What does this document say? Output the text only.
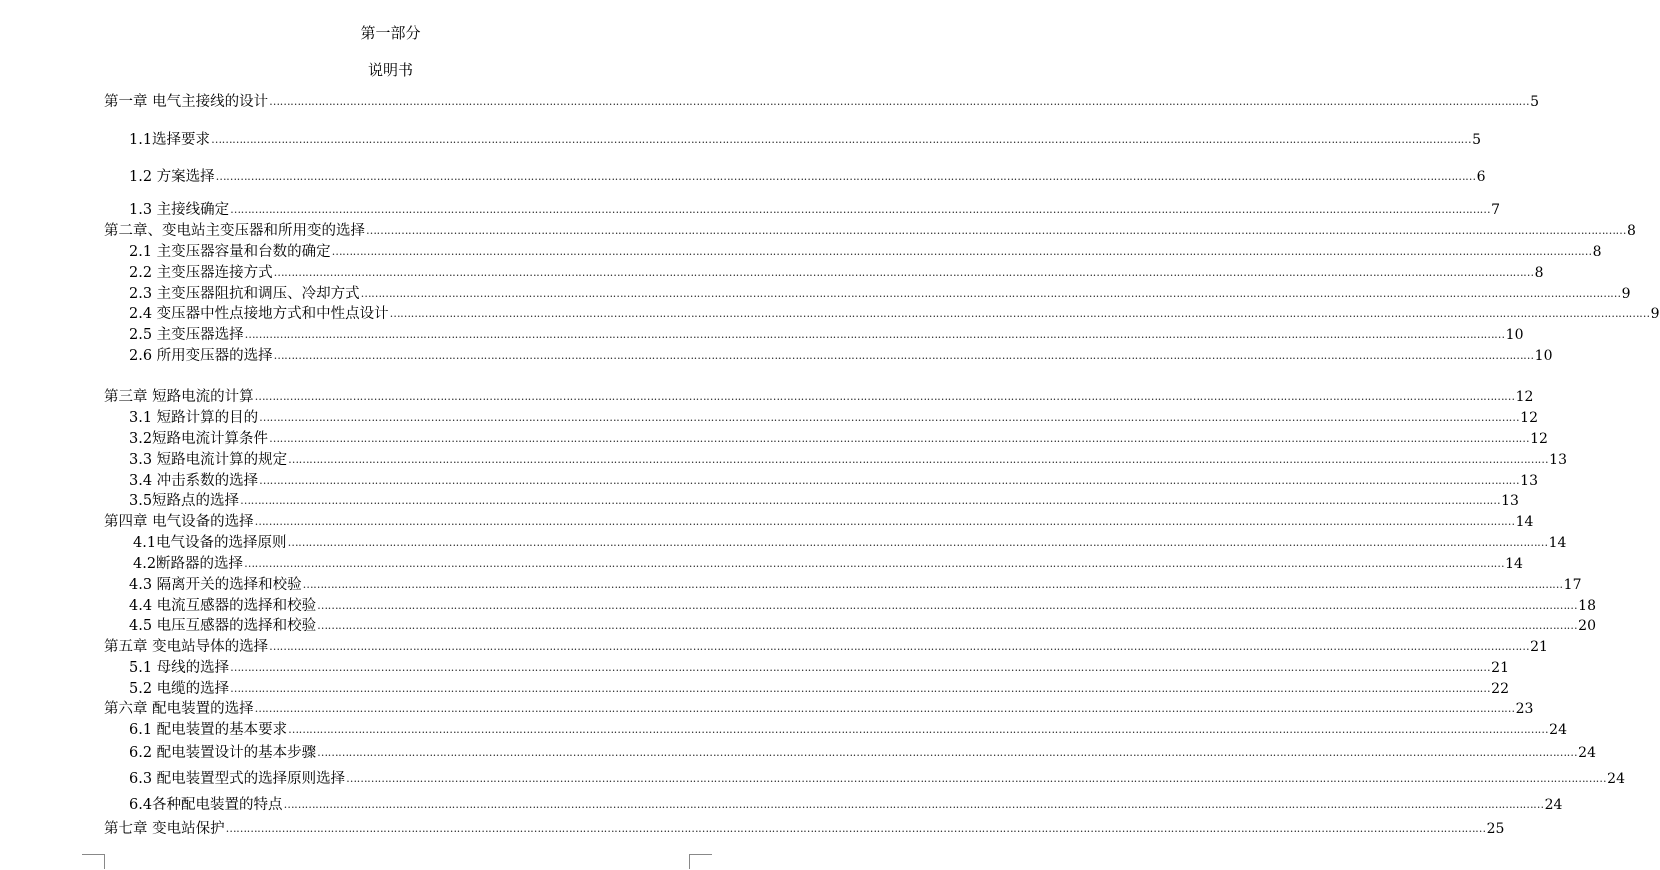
第一部分
说明书
第一章 电气主接线的设计 ……………………………………………………………………………………………………………………………………………………………………………………………………………………………………………………………………………………………………………………………… 5
1.1选择要求 ……………………………………………………………………………………………………………………………………………………………………………………………………………………………………………………………………………………………………………………………… 5
1.2 方案选择 ……………………………………………………………………………………………………………………………………………………………………………………………………………………………………………………………………………………………………………………………… 6
1.3 主接线确定 ……………………………………………………………………………………………………………………………………………………………………………………………………………………………………………………………………………………………………………………………… 7
第二章、变电站主变压器和所用变的选择 ……………………………………………………………………………………………………………………………………………………………………………………………………………………………………………………………………………………………………………………………… 8
2.1 主变压器容量和台数的确定 ……………………………………………………………………………………………………………………………………………………………………………………………………………………………………………………………………………………………………………………………… 8
2.2 主变压器连接方式 ……………………………………………………………………………………………………………………………………………………………………………………………………………………………………………………………………………………………………………………………… 8
2.3 主变压器阻抗和调压、冷却方式 ……………………………………………………………………………………………………………………………………………………………………………………………………………………………………………………………………………………………………………………………… 9
2.4 变压器中性点接地方式和中性点设计 ……………………………………………………………………………………………………………………………………………………………………………………………………………………………………………………………………………………………………………………………… 9
2.5 主变压器选择 ……………………………………………………………………………………………………………………………………………………………………………………………………………………………………………………………………………………………………………………………… 10
2.6 所用变压器的选择 ……………………………………………………………………………………………………………………………………………………………………………………………………………………………………………………………………………………………………………………………… 10
第三章 短路电流的计算 ……………………………………………………………………………………………………………………………………………………………………………………………………………………………………………………………………………………………………………………………… 12
3.1 短路计算的目的 ……………………………………………………………………………………………………………………………………………………………………………………………………………………………………………………………………………………………………………………………… 12
3.2短路电流计算条件 ……………………………………………………………………………………………………………………………………………………………………………………………………………………………………………………………………………………………………………………………… 12
3.3 短路电流计算的规定 ……………………………………………………………………………………………………………………………………………………………………………………………………………………………………………………………………………………………………………………………… 13
3.4 冲击系数的选择 ……………………………………………………………………………………………………………………………………………………………………………………………………………………………………………………………………………………………………………………………… 13
3.5短路点的选择 ……………………………………………………………………………………………………………………………………………………………………………………………………………………………………………………………………………………………………………………………… 13
第四章 电气设备的选择 ……………………………………………………………………………………………………………………………………………………………………………………………………………………………………………………………………………………………………………………………… 14
4.1电气设备的选择原则 ……………………………………………………………………………………………………………………………………………………………………………………………………………………………………………………………………………………………………………………………… 14
4.2断路器的选择 ……………………………………………………………………………………………………………………………………………………………………………………………………………………………………………………………………………………………………………………………… 14
4.3 隔离开关的选择和校验 ……………………………………………………………………………………………………………………………………………………………………………………………………………………………………………………………………………………………………………………………… 17
4.4 电流互感器的选择和校验 ……………………………………………………………………………………………………………………………………………………………………………………………………………………………………………………………………………………………………………………………… 18
4.5 电压互感器的选择和校验 ……………………………………………………………………………………………………………………………………………………………………………………………………………………………………………………………………………………………………………………………… 20
第五章 变电站导体的选择 ……………………………………………………………………………………………………………………………………………………………………………………………………………………………………………………………………………………………………………………………… 21
5.1 母线的选择 ……………………………………………………………………………………………………………………………………………………………………………………………………………………………………………………………………………………………………………………………… 21
5.2 电缆的选择 ……………………………………………………………………………………………………………………………………………………………………………………………………………………………………………………………………………………………………………………………… 22
第六章 配电装置的选择 ……………………………………………………………………………………………………………………………………………………………………………………………………………………………………………………………………………………………………………………………… 23
6.1 配电装置的基本要求 ……………………………………………………………………………………………………………………………………………………………………………………………………………………………………………………………………………………………………………………………… 24
6.2 配电装置设计的基本步骤 ……………………………………………………………………………………………………………………………………………………………………………………………………………………………………………………………………………………………………………………………… 24
6.3 配电装置型式的选择原则选择 ……………………………………………………………………………………………………………………………………………………………………………………………………………………………………………………………………………………………………………………………… 24
6.4各种配电装置的特点 ……………………………………………………………………………………………………………………………………………………………………………………………………………………………………………………………………………………………………………………………… 24
第七章 变电站保护 ……………………………………………………………………………………………………………………………………………………………………………………………………………………………………………………………………………………………………………………………… 25
